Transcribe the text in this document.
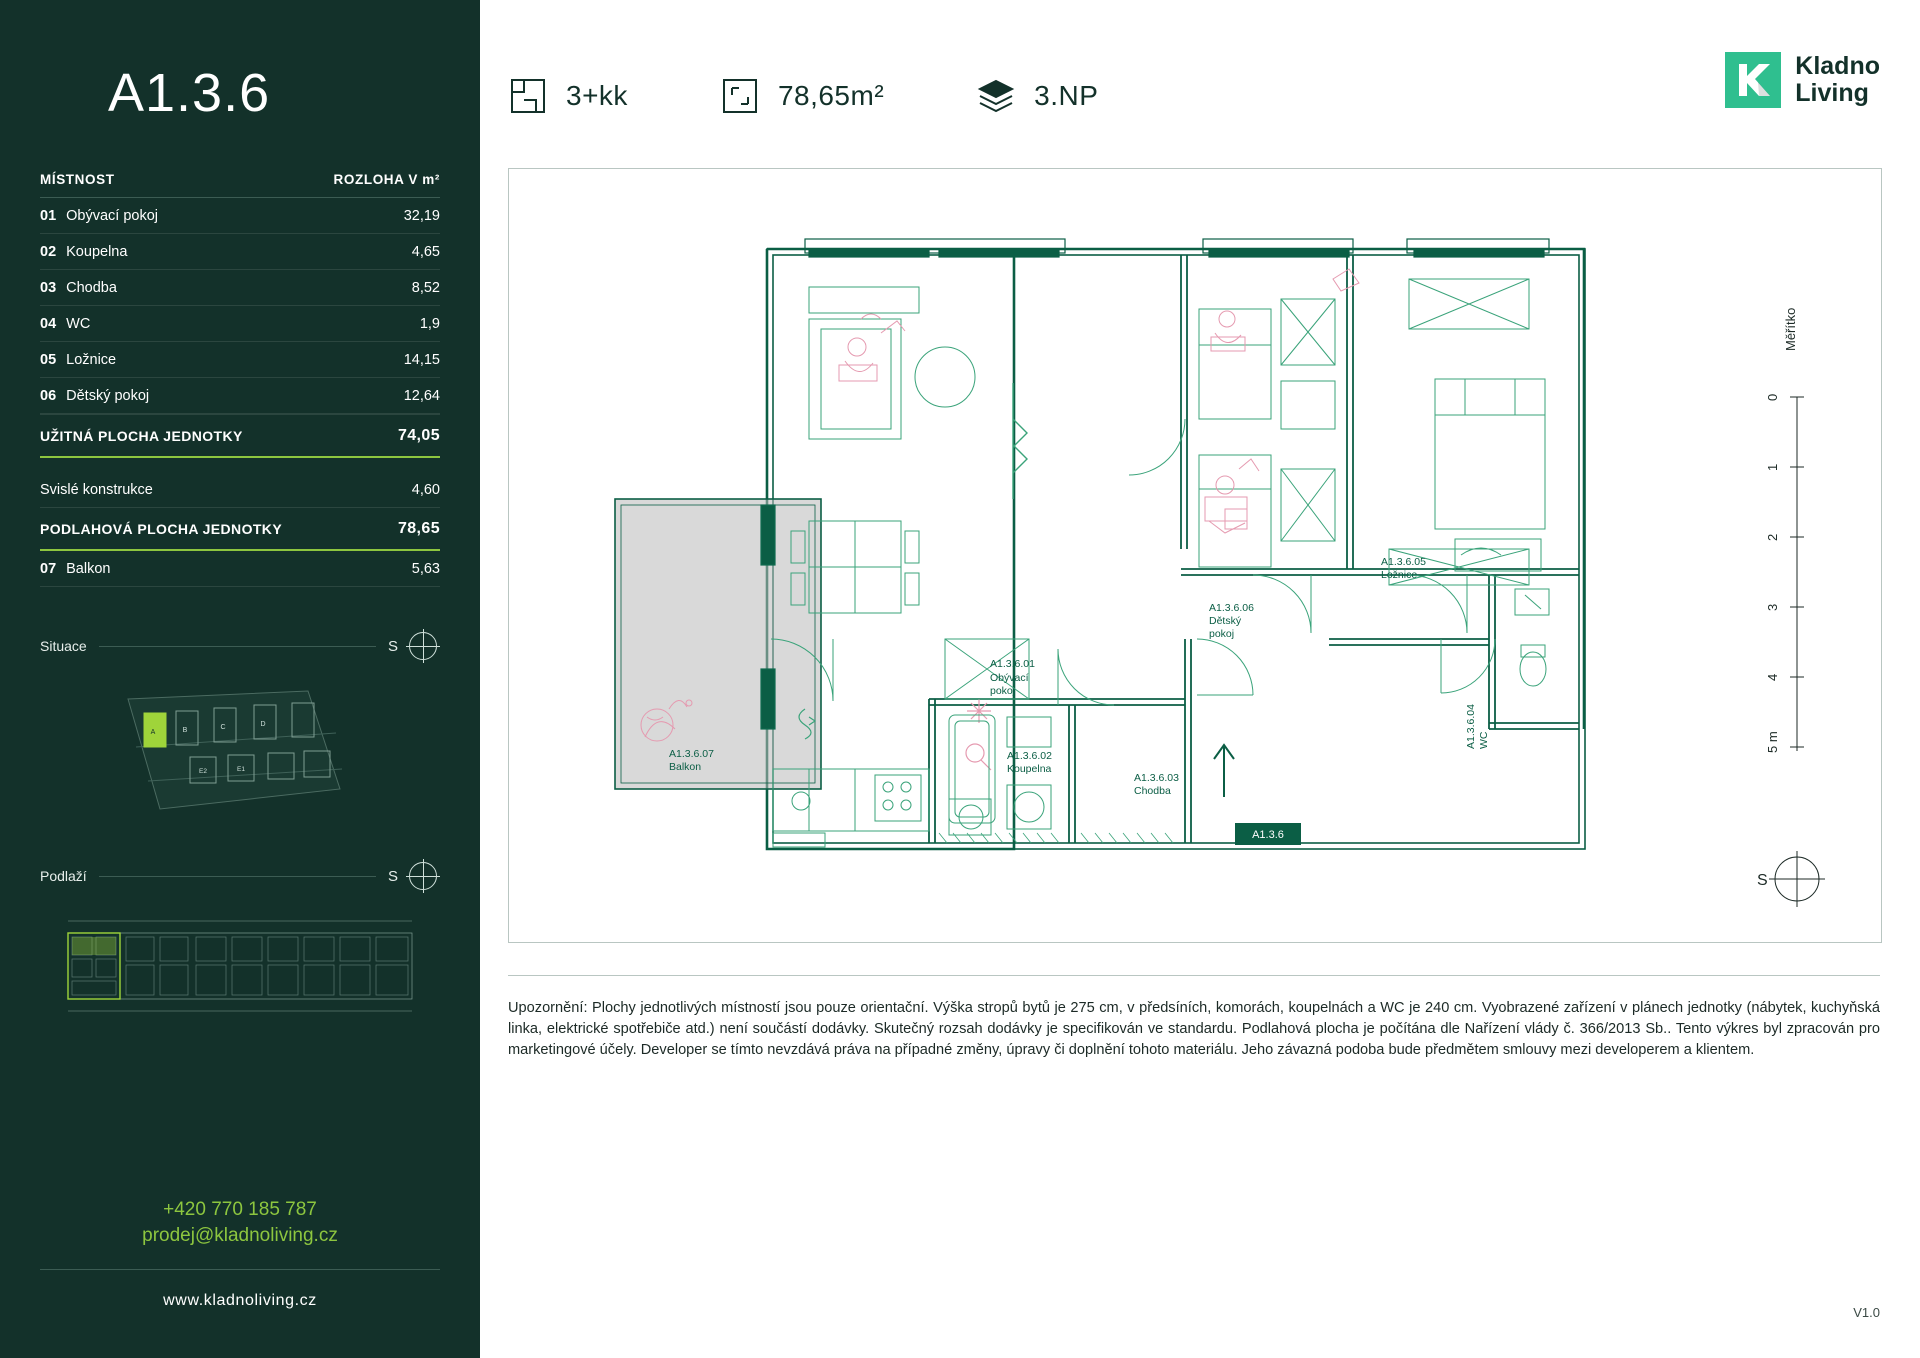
A1.3.6
MÍSTNOST	ROZLOHA V m²
01 Obývací pokoj	32,19
02 Koupelna	4,65
03 Chodba	8,52
04 WC	1,9
05 Ložnice	14,15
06 Dětský pokoj	12,64
UŽITNÁ PLOCHA JEDNOTKY	74,05
Svislé konstrukce	4,60
PODLAHOVÁ PLOCHA JEDNOTKY	78,65
07 Balkon	5,63
Situace	S
A	B	C	D
E2	E1
Podlaží	S
+420 770 185 787
prodej@kladnoliving.cz
www.kladnoliving.cz
3+kk	78,65m²	3.NP
Kladno
Living
A1.3.6.01
Obývací
pokoj
A1.3.6.02
Koupelna
A1.3.6.03
Chodba
A1.3.6.06
Dětský
pokoj
A1.3.6.05
Ložnice
A1.3.6.07
Balkon
A1.3.6.04 WC
A1.3.6
0
1
2
3
4
5 m
Měřítko
S

Upozornění: Plochy jednotlivých místností jsou pouze orientační. Výška stropů bytů je 275 cm, v předsíních, komorách, koupelnách a WC je 240 cm. Vyobrazené zařízení v plánech jednotky (nábytek, kuchyňská linka, elektrické spotřebiče atd.) není součástí dodávky. Skutečný rozsah dodávky je specifikován ve standardu. Podlahová plocha je počítána dle Nařízení vlády č. 366/2013 Sb.. Tento výkres byl zpracován pro marketingové účely. Developer se tímto nevzdává práva na případné změny, úpravy či doplnění tohoto materiálu. Jeho závazná podoba bude předmětem smlouvy mezi developerem a klientem.

V1.0
